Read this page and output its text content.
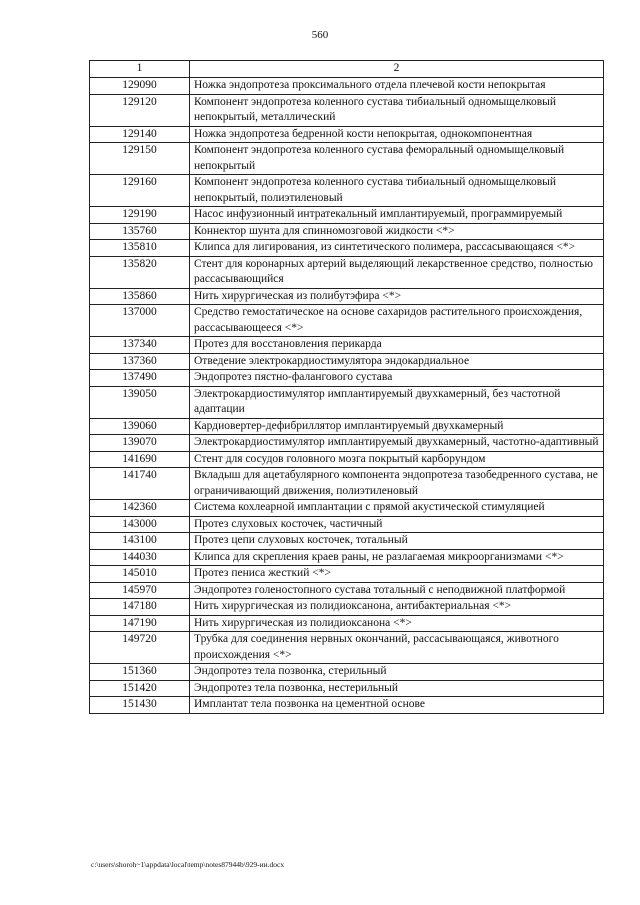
560
1	2
129090	Ножка эндопротеза проксимального отдела плечевой кости непокрытая
129120	Компонент эндопротеза коленного сустава тибиальный одномыщелковый непокрытый, металлический
129140	Ножка эндопротеза бедренной кости непокрытая, однокомпонентная
129150	Компонент эндопротеза коленного сустава феморальный одномыщелковый непокрытый
129160	Компонент эндопротеза коленного сустава тибиальный одномыщелковый непокрытый, полиэтиленовый
129190	Насос инфузионный интратекальный имплантируемый, программируемый
135760	Коннектор шунта для спинномозговой жидкости <*>
135810	Клипса для лигирования, из синтетического полимера, рассасывающаяся <*>
135820	Стент для коронарных артерий выделяющий лекарственное средство, полностью рассасывающийся
135860	Нить хирургическая из полибутэфира <*>
137000	Средство гемостатическое на основе сахаридов растительного происхождения, рассасывающееся <*>
137340	Протез для восстановления перикарда
137360	Отведение электрокардиостимулятора эндокардиальное
137490	Эндопротез пястно-фалангового сустава
139050	Электрокардиостимулятор имплантируемый двухкамерный, без частотной адаптации
139060	Кардиовертер-дефибриллятор имплантируемый двухкамерный
139070	Электрокардиостимулятор имплантируемый двухкамерный, частотно-адаптивный
141690	Стент для сосудов головного мозга покрытый карборундом
141740	Вкладыш для ацетабулярного компонента эндопротеза тазобедренного сустава, не ограничивающий движения, полиэтиленовый
142360	Система кохлеарной имплантации с прямой акустической стимуляцией
143000	Протез слуховых косточек, частичный
143100	Протез цепи слуховых косточек, тотальный
144030	Клипса для скрепления краев раны, не разлагаемая микроорганизмами <*>
145010	Протез пениса жесткий <*>
145970	Эндопротез голеностопного сустава тотальный с неподвижной платформой
147180	Нить хирургическая из полидиоксанона, антибактериальная <*>
147190	Нить хирургическая из полидиоксанона <*>
149720	Трубка для соединения нервных окончаний, рассасывающаяся, животного происхождения <*>
151360	Эндопротез тела позвонка, стерильный
151420	Эндопротез тела позвонка, нестерильный
151430	Имплантат тела позвонка на цементной основе
c:\users\shoroh~1\appdata\local\temp\notes87944b\929-ии.docx
